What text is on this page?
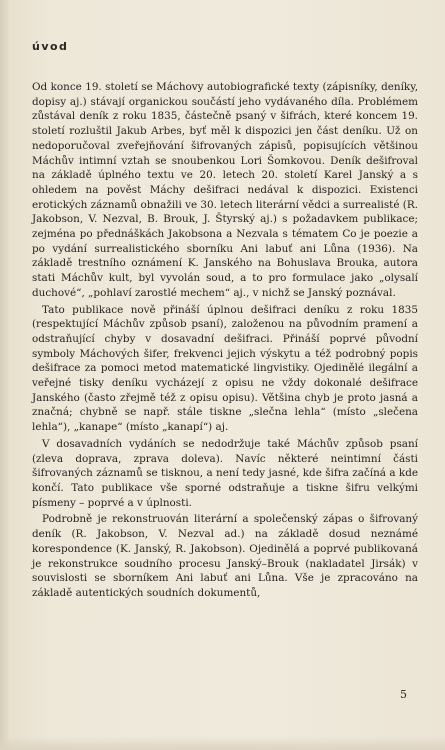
úvod

Od konce 19. století se Máchovy autobiografické texty (zápisníky, deníky, dopisy aj.) stávají organickou součástí jeho vydávaného díla. Problémem zůstával deník z roku 1835, částečně psaný v šifrách, které koncem 19. století rozluštil Jakub Arbes, byť měl k dispozici jen část deníku. Už on nedoporučoval zveřejňování šifrovaných zápisů, popisujících většinou Máchův intimní vztah se snoubenkou Lori Šomkovou. Deník dešifroval na základě úplného textu ve 20. letech 20. století Karel Janský a s ohledem na pověst Máchy dešifraci nedával k dispozici. Existenci erotických záznamů obnažili ve 30. letech literární vědci a surrealisté (R. Jakobson, V. Nezval, B. Brouk, J. Štyrský aj.) s požadavkem publikace; zejména po přednáškách Jakobsona a Nezvala s tématem Co je poezie a po vydání surrealistického sborníku Ani labuť ani Lůna (1936). Na základě trestního oznámení K. Janského na Bohuslava Brouka, autora stati Máchův kult, byl vyvolán soud, a to pro formulace jako „olysalí duchové“, „pohlaví zarostlé mechem“ aj., v nichž se Janský poznával.

Tato publikace nově přináší úplnou dešifraci deníku z roku 1835 (respektující Máchův způsob psaní), založenou na původním pramení a odstraňující chyby v dosavadní dešifraci. Přináší poprvé původní symboly Máchových šifer, frekvenci jejich výskytu a též podrobný popis dešifrace za pomoci metod matematické lingvistiky. Ojedinělé ilegální a veřejné tisky deníku vycházejí z opisu ne vždy dokonalé dešifrace Janského (často zřejmě též z opisu opisu). Většina chyb je proto jasná a značná; chybně se např. stále tiskne „slečna lehla“ (místo „slečena lehla“), „kanape“ (místo „kanapí“) aj.

V dosavadních vydáních se nedodržuje také Máchův způsob psaní (zleva doprava, zprava doleva). Navíc některé neintimní části šifrovaných záznamů se tisknou, a není tedy jasné, kde šifra začíná a kde končí. Tato publikace vše sporné odstraňuje a tiskne šifru velkými písmeny – poprvé a v úplnosti.

Podrobně je rekonstruován literární a společenský zápas o šifrovaný deník (R. Jakobson, V. Nezval ad.) na základě dosud neznámé korespondence (K. Janský, R. Jakobson). Ojedinělá a poprvé publikovaná je rekonstrukce soudního procesu Janský–Brouk (nakladatel Jirsák) v souvislosti se sborníkem Ani labuť ani Lůna. Vše je zpracováno na základě autentických soudních dokumentů,

5
